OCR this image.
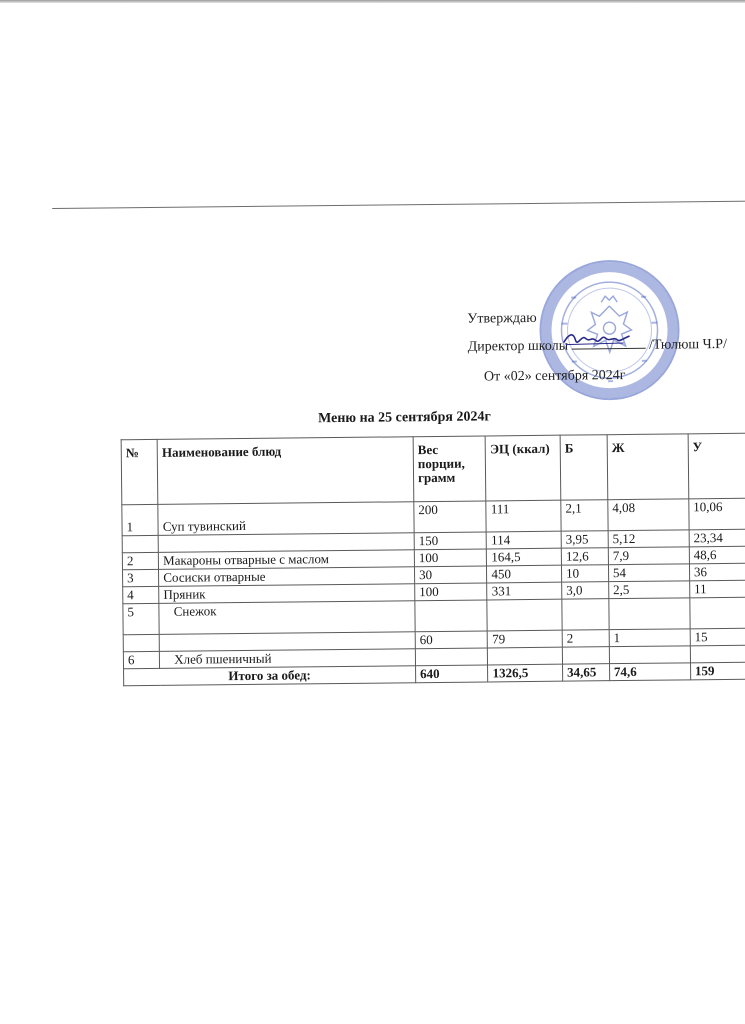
Утверждаю
Директор школы	/Тюлюш Ч.Р/
От «02» сентября 2024г
Меню на 25 сентября 2024г
№	Наименование блюд	Вес порции, грамм	ЭЦ (ккал)	Б	Ж	У
1	Суп тувинский	200	111	2,1	4,08	10,06
		150	114	3,95	5,12	23,34
2	Макароны отварные с маслом	100	164,5	12,6	7,9	48,6
3	Сосиски отварные	30	450	10	54	36
4	Пряник	100	331	3,0	2,5	11
5	Снежок					
		60	79	2	1	15
6	Хлеб пшеничный					
Итого за обед:		640	1326,5	34,65	74,6	159
